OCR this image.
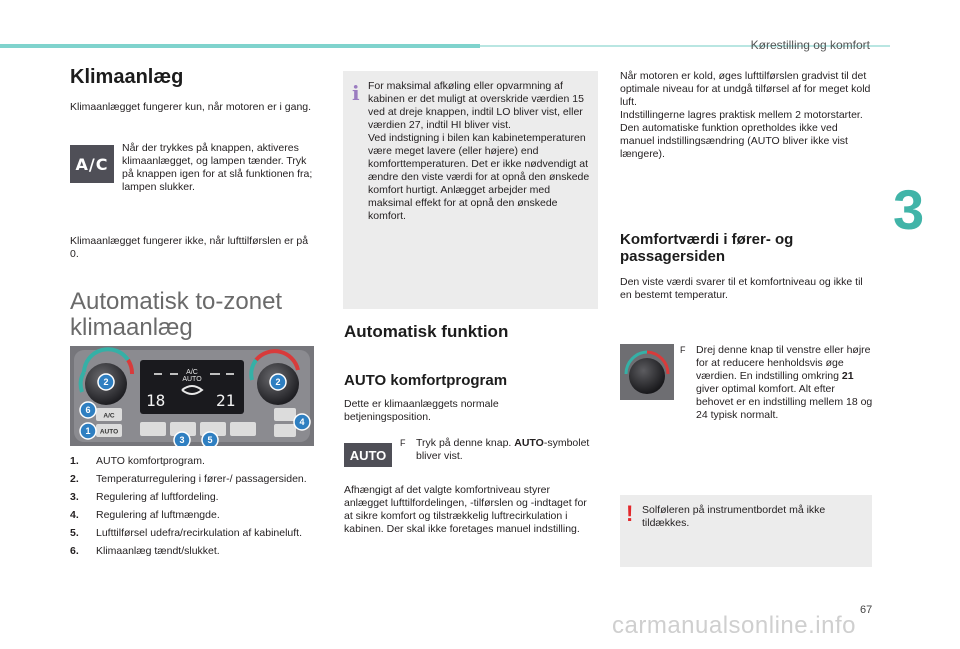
Kørestilling og komfort
3
Klimaanlæg
Klimaanlægget fungerer kun, når motoren er i gang.
A/C
Når der trykkes på knappen, aktiveres klimaanlægget, og lampen tænder. Tryk på knappen igen for at slå funktionen fra; lampen slukker.
Klimaanlægget fungerer ikke, når lufttilførslen er på 0.
Automatisk to-zonet klimaanlæg
A/C
AUTO
18	21
A/C
AUTO
1
2	2
3
4
5
6
1.	AUTO komfortprogram.
2.	Temperaturregulering i fører-/ passagersiden.
3.	Regulering af luftfordeling.
4.	Regulering af luftmængde.
5.	Lufttilførsel udefra/recirkulation af kabineluft.
6.	Klimaanlæg tændt/slukket.
i For maksimal afkøling eller opvarmning af kabinen er det muligt at overskride værdien 15 ved at dreje knappen, indtil LO bliver vist, eller værdien 27, indtil HI bliver vist.
Ved indstigning i bilen kan kabinetemperaturen være meget lavere (eller højere) end komforttemperaturen. Det er ikke nødvendigt at ændre den viste værdi for at opnå den ønskede komfort hurtigt. Anlægget arbejder med maksimal effekt for at opnå den ønskede komfort.
Automatisk funktion
AUTO komfortprogram
Dette er klimaanlæggets normale betjeningsposition.
AUTO
F	Tryk på denne knap. AUTO-symbolet bliver vist.
Afhængigt af det valgte komfortniveau styrer anlægget lufttilfordelingen, -tilførslen og -indtaget for at sikre komfort og tilstrækkelig luftrecirkulation i kabinen. Der skal ikke foretages manuel indstilling.
Når motoren er kold, øges lufttilførslen gradvist til det optimale niveau for at undgå tilførsel af for meget kold luft.
Indstillingerne lagres praktisk mellem 2 motorstarter.
Den automatiske funktion opretholdes ikke ved manuel indstillingsændring (AUTO bliver ikke vist længere).
Komfortværdi i fører- og passagersiden
Den viste værdi svarer til et komfortniveau og ikke til en bestemt temperatur.
F	Drej denne knap til venstre eller højre for at reducere henholdsvis øge værdien. En indstilling omkring 21 giver optimal komfort. Alt efter behovet er en indstilling mellem 18 og 24 typisk normalt.
! Solføleren på instrumentbordet må ikke tildækkes.
67
carmanualsonline.info
